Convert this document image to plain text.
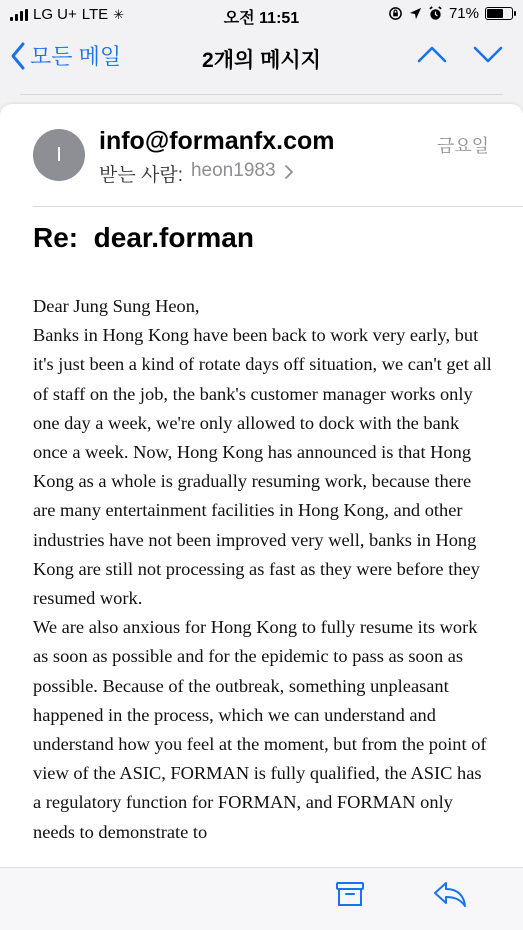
LG U+ LTE ✳	오전 11:51	71%
모든 메일	2개의 메시지
I	info@formanfx.com
받는 사람: heon1983
금요일
Re:  dear.forman

Dear Jung Sung Heon,

Banks in Hong Kong have been back to work very early, but it's just been a kind of rotate days off situation, we can't get all of staff on the job, the bank's customer manager works only one day a week, we're only allowed to dock with the bank once a week. Now, Hong Kong has announced is that Hong Kong as a whole is gradually resuming work, because there are many entertainment facilities in Hong Kong, and other industries have not been improved very well, banks in Hong Kong are still not processing as fast as they were before they resumed work.

We are also anxious for Hong Kong to fully resume its work as soon as possible and for the epidemic to pass as soon as possible. Because of the outbreak, something unpleasant happened in the process, which we can understand and understand how you feel at the moment, but from the point of view of the ASIC, FORMAN is fully qualified, the ASIC has a regulatory function for FORMAN, and FORMAN only needs to demonstrate to
